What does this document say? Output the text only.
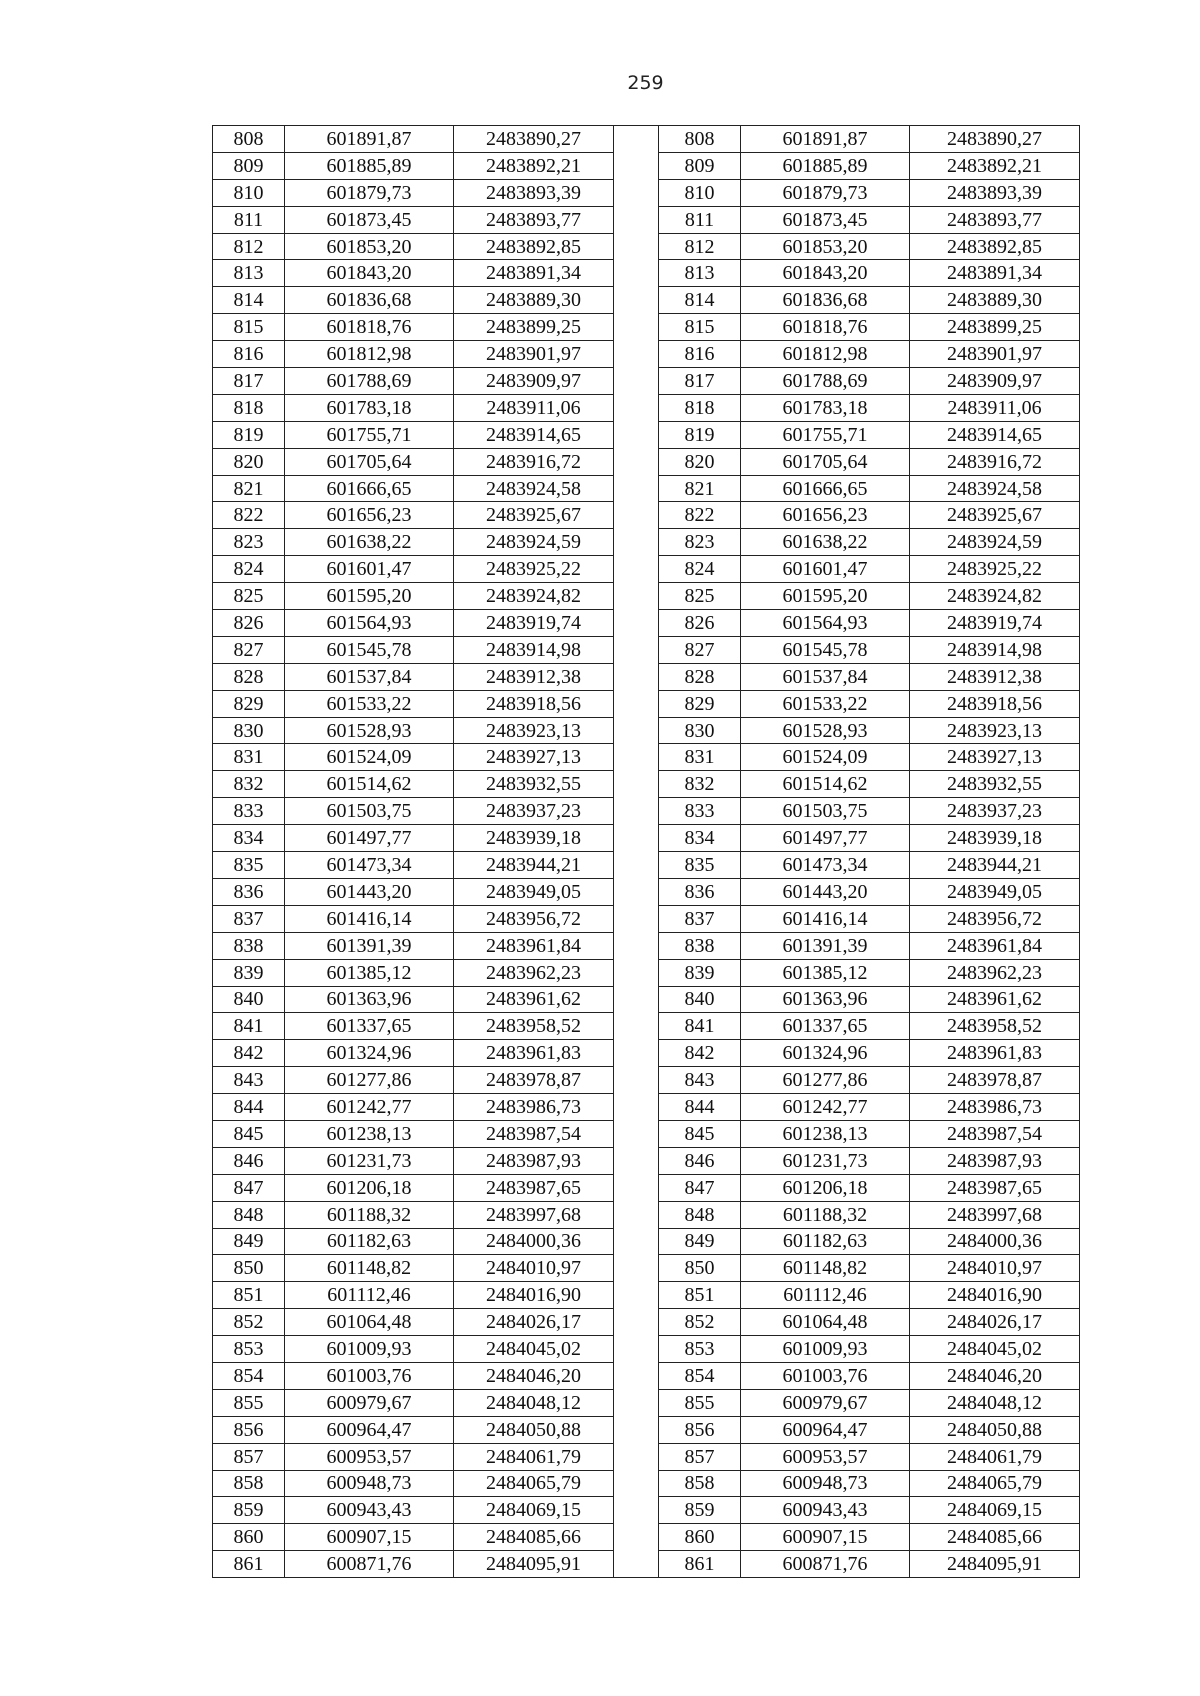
259
808	601891,87	2483890,27		808	601891,87	2483890,27
809	601885,89	2483892,21		809	601885,89	2483892,21
810	601879,73	2483893,39		810	601879,73	2483893,39
811	601873,45	2483893,77		811	601873,45	2483893,77
812	601853,20	2483892,85		812	601853,20	2483892,85
813	601843,20	2483891,34		813	601843,20	2483891,34
814	601836,68	2483889,30		814	601836,68	2483889,30
815	601818,76	2483899,25		815	601818,76	2483899,25
816	601812,98	2483901,97		816	601812,98	2483901,97
817	601788,69	2483909,97		817	601788,69	2483909,97
818	601783,18	2483911,06		818	601783,18	2483911,06
819	601755,71	2483914,65		819	601755,71	2483914,65
820	601705,64	2483916,72		820	601705,64	2483916,72
821	601666,65	2483924,58		821	601666,65	2483924,58
822	601656,23	2483925,67		822	601656,23	2483925,67
823	601638,22	2483924,59		823	601638,22	2483924,59
824	601601,47	2483925,22		824	601601,47	2483925,22
825	601595,20	2483924,82		825	601595,20	2483924,82
826	601564,93	2483919,74		826	601564,93	2483919,74
827	601545,78	2483914,98		827	601545,78	2483914,98
828	601537,84	2483912,38		828	601537,84	2483912,38
829	601533,22	2483918,56		829	601533,22	2483918,56
830	601528,93	2483923,13		830	601528,93	2483923,13
831	601524,09	2483927,13		831	601524,09	2483927,13
832	601514,62	2483932,55		832	601514,62	2483932,55
833	601503,75	2483937,23		833	601503,75	2483937,23
834	601497,77	2483939,18		834	601497,77	2483939,18
835	601473,34	2483944,21		835	601473,34	2483944,21
836	601443,20	2483949,05		836	601443,20	2483949,05
837	601416,14	2483956,72		837	601416,14	2483956,72
838	601391,39	2483961,84		838	601391,39	2483961,84
839	601385,12	2483962,23		839	601385,12	2483962,23
840	601363,96	2483961,62		840	601363,96	2483961,62
841	601337,65	2483958,52		841	601337,65	2483958,52
842	601324,96	2483961,83		842	601324,96	2483961,83
843	601277,86	2483978,87		843	601277,86	2483978,87
844	601242,77	2483986,73		844	601242,77	2483986,73
845	601238,13	2483987,54		845	601238,13	2483987,54
846	601231,73	2483987,93		846	601231,73	2483987,93
847	601206,18	2483987,65		847	601206,18	2483987,65
848	601188,32	2483997,68		848	601188,32	2483997,68
849	601182,63	2484000,36		849	601182,63	2484000,36
850	601148,82	2484010,97		850	601148,82	2484010,97
851	601112,46	2484016,90		851	601112,46	2484016,90
852	601064,48	2484026,17		852	601064,48	2484026,17
853	601009,93	2484045,02		853	601009,93	2484045,02
854	601003,76	2484046,20		854	601003,76	2484046,20
855	600979,67	2484048,12		855	600979,67	2484048,12
856	600964,47	2484050,88		856	600964,47	2484050,88
857	600953,57	2484061,79		857	600953,57	2484061,79
858	600948,73	2484065,79		858	600948,73	2484065,79
859	600943,43	2484069,15		859	600943,43	2484069,15
860	600907,15	2484085,66		860	600907,15	2484085,66
861	600871,76	2484095,91		861	600871,76	2484095,91
